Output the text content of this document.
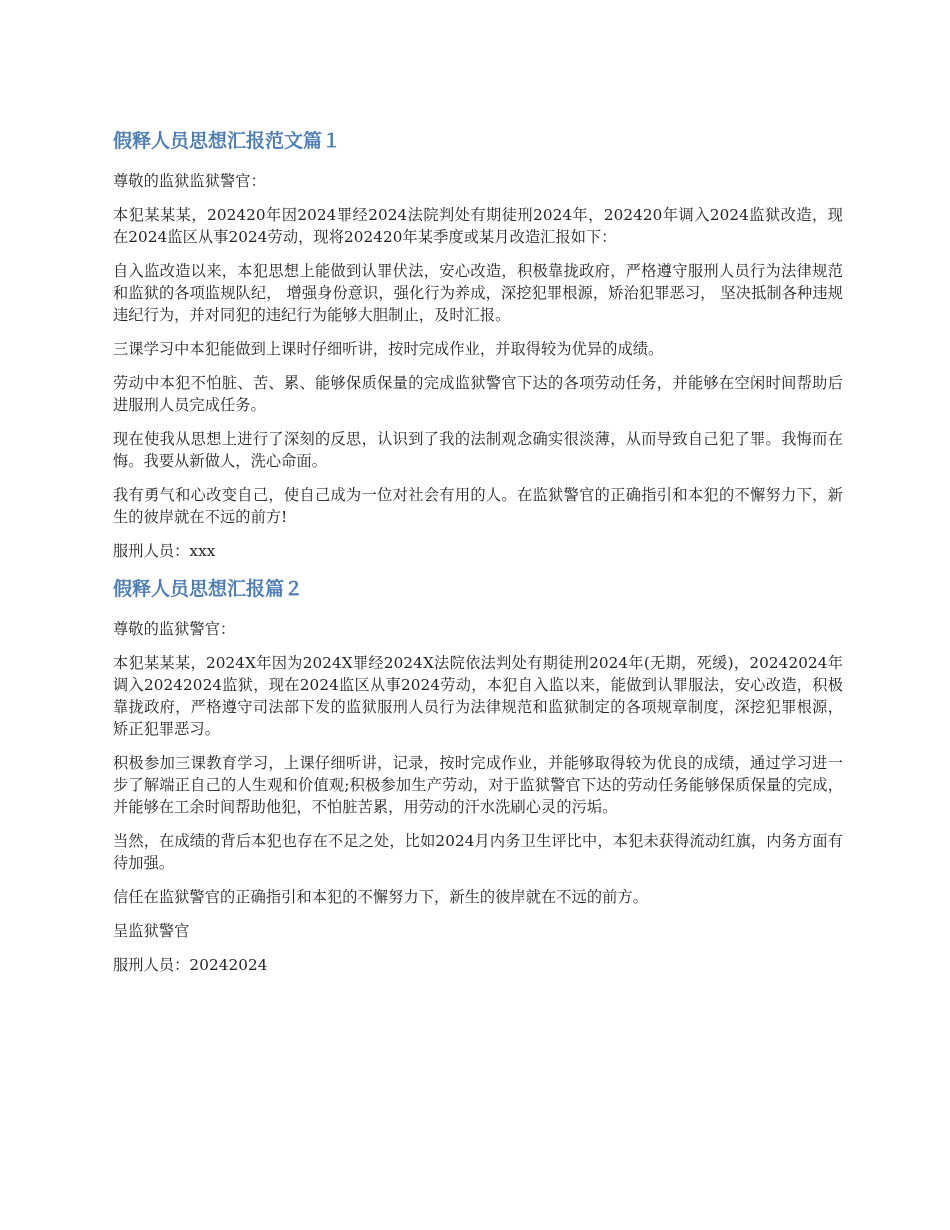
假释人员思想汇报范文篇１

尊敬的监狱监狱警官：

本犯某某某，202420年因2024罪经2024法院判处有期徒刑2024年，202420年调入2024监狱改造，现在2024监区从事2024劳动，现将202420年某季度或某月改造汇报如下：

自入监改造以来，本犯思想上能做到认罪伏法，安心改造，积极靠拢政府，严格遵守服刑人员行为法律规范和监狱的各项监规队纪， 增强身份意识，强化行为养成，深挖犯罪根源，矫治犯罪恶习， 坚决抵制各种违规违纪行为，并对同犯的违纪行为能够大胆制止，及时汇报。

三课学习中本犯能做到上课时仔细听讲，按时完成作业，并取得较为优异的成绩。

劳动中本犯不怕脏、苦、累、能够保质保量的完成监狱警官下达的各项劳动任务，并能够在空闲时间帮助后进服刑人员完成任务。

现在使我从思想上进行了深刻的反思，认识到了我的法制观念确实很淡薄，从而导致自己犯了罪。我悔而在悔。我要从新做人，洗心命面。

我有勇气和心改变自己，使自己成为一位对社会有用的人。在监狱警官的正确指引和本犯的不懈努力下，新生的彼岸就在不远的前方!

服刑人员：xxx

假释人员思想汇报篇２

尊敬的监狱警官：

本犯某某某，2024X年因为2024X罪经2024X法院依法判处有期徒刑2024年(无期，死缓)，20242024年调入20242024监狱，现在2024监区从事2024劳动，本犯自入监以来，能做到认罪服法，安心改造，积极靠拢政府，严格遵守司法部下发的监狱服刑人员行为法律规范和监狱制定的各项规章制度，深挖犯罪根源，矫正犯罪恶习。

积极参加三课教育学习，上课仔细听讲，记录，按时完成作业，并能够取得较为优良的成绩，通过学习进一步了解端正自己的人生观和价值观;积极参加生产劳动，对于监狱警官下达的劳动任务能够保质保量的完成，并能够在工余时间帮助他犯，不怕脏苦累，用劳动的汗水洗刷心灵的污垢。

当然，在成绩的背后本犯也存在不足之处，比如2024月内务卫生评比中，本犯未获得流动红旗，内务方面有待加强。

信任在监狱警官的正确指引和本犯的不懈努力下，新生的彼岸就在不远的前方。

呈监狱警官

服刑人员：20242024
